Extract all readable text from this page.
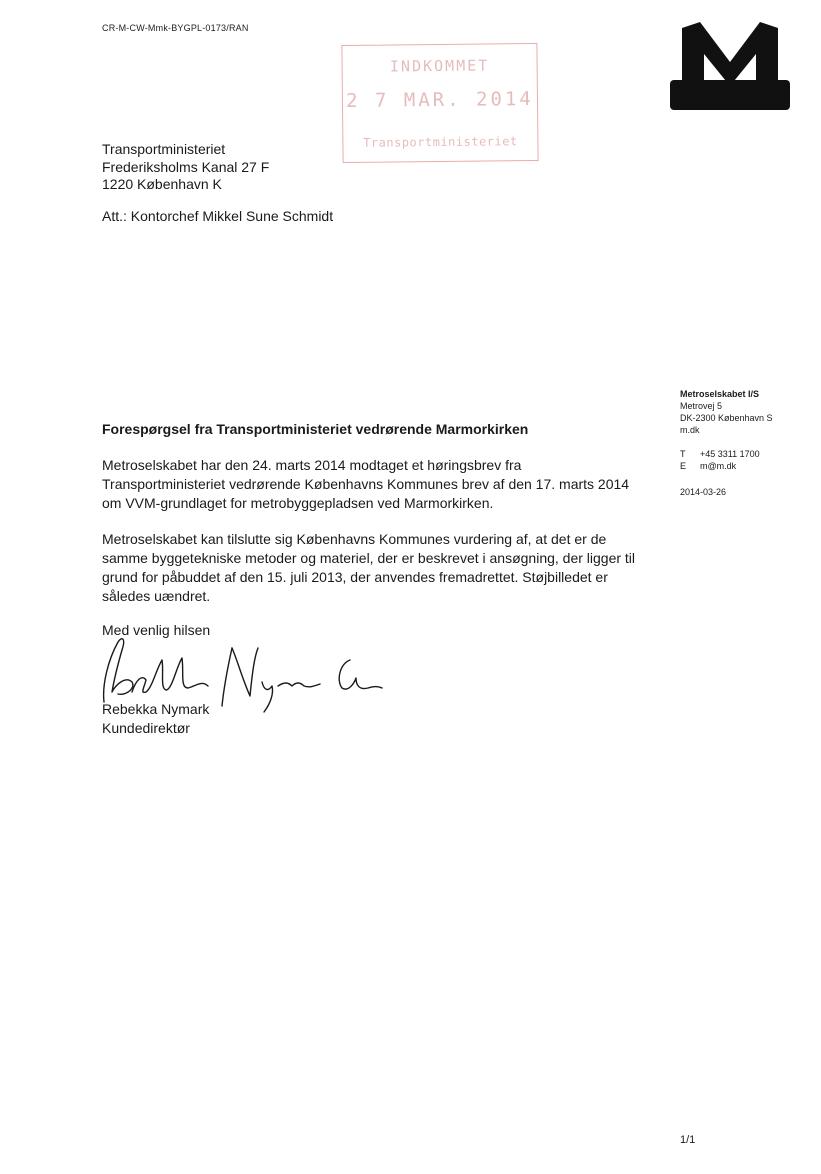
CR-M-CW-Mmk-BYGPL-0173/RAN
INDKOMMET
2 7 MAR. 2014
Transportministeriet
Transportministeriet
Frederiksholms Kanal 27 F
1220 København K
Att.: Kontorchef Mikkel Sune Schmidt
Metroselskabet I/S
Metrovej 5
DK-2300 København S
m.dk
T +45 3311 1700
E m@m.dk
2014-03-26
Forespørgsel fra Transportministeriet vedrørende Marmorkirken
Metroselskabet har den 24. marts 2014 modtaget et høringsbrev fra Transportministeriet vedrørende Københavns Kommunes brev af den 17. marts 2014 om VVM-grundlaget for metrobyggepladsen ved Marmorkirken.
Metroselskabet kan tilslutte sig Københavns Kommunes vurdering af, at det er de samme byggetekniske metoder og materiel, der er beskrevet i ansøgning, der ligger til grund for påbuddet af den 15. juli 2013, der anvendes fremadrettet. Støjbilledet er således uændret.
Med venlig hilsen
Rebekka Nymark
Kundedirektør
1/1
